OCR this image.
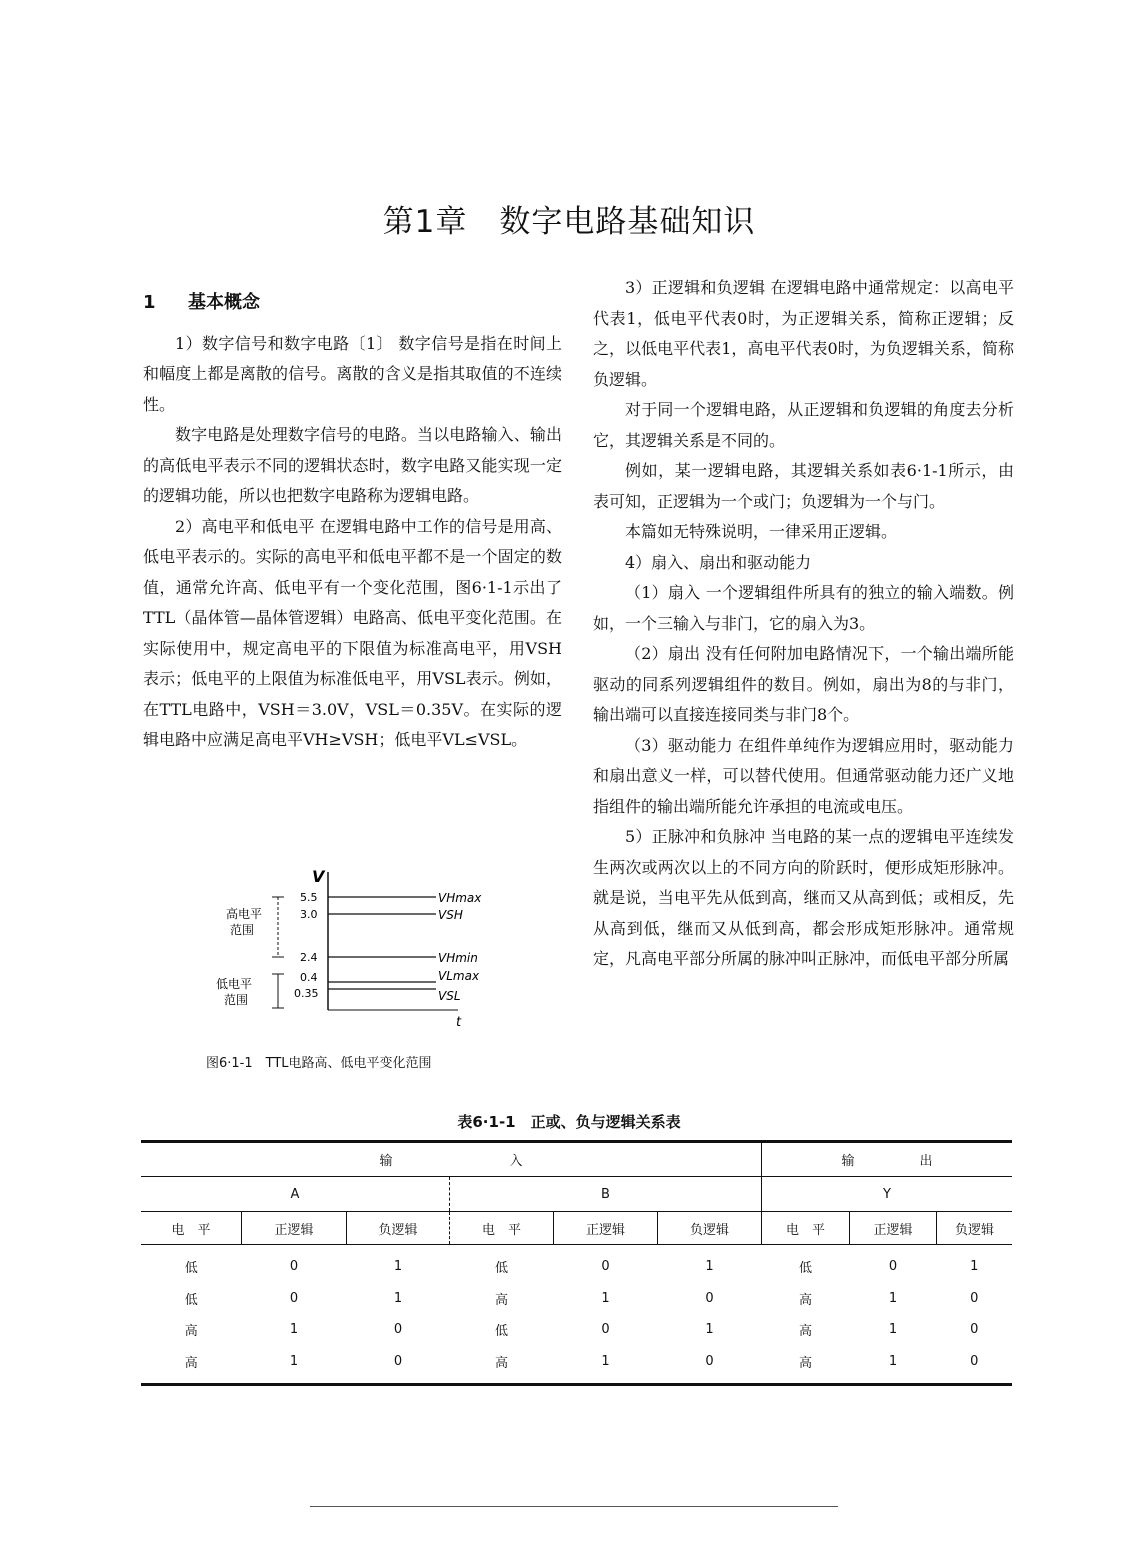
第1章　数字电路基础知识
1 基本概念

1）数字信号和数字电路〔1〕 数字信号是指在时间上和幅度上都是离散的信号。离散的含义是指其取值的不连续性。

数字电路是处理数字信号的电路。当以电路输入、输出的高低电平表示不同的逻辑状态时，数字电路又能实现一定的逻辑功能，所以也把数字电路称为逻辑电路。

2）高电平和低电平 在逻辑电路中工作的信号是用高、低电平表示的。实际的高电平和低电平都不是一个固定的数值，通常允许高、低电平有一个变化范围，图6·1-1示出了TTL（晶体管—晶体管逻辑）电路高、低电平变化范围。在实际使用中，规定高电平的下限值为标准高电平，用VSH表示；低电平的上限值为标准低电平，用VSL表示。例如，在TTL电路中，VSH＝3.0V，VSL＝0.35V。在实际的逻辑电路中应满足高电平VH≥VSH；低电平VL≤VSL。

3）正逻辑和负逻辑 在逻辑电路中通常规定：以高电平代表1，低电平代表0时，为正逻辑关系，简称正逻辑；反之，以低电平代表1，高电平代表0时，为负逻辑关系，简称负逻辑。

对于同一个逻辑电路，从正逻辑和负逻辑的角度去分析它，其逻辑关系是不同的。

例如，某一逻辑电路，其逻辑关系如表6·1-1所示，由表可知，正逻辑为一个或门；负逻辑为一个与门。

本篇如无特殊说明，一律采用正逻辑。

4）扇入、扇出和驱动能力

（1）扇入 一个逻辑组件所具有的独立的输入端数。例如，一个三输入与非门，它的扇入为3。

（2）扇出 没有任何附加电路情况下，一个输出端所能驱动的同系列逻辑组件的数目。例如，扇出为8的与非门，输出端可以直接连接同类与非门8个。

（3）驱动能力 在组件单纯作为逻辑应用时，驱动能力和扇出意义一样，可以替代使用。但通常驱动能力还广义地指组件的输出端所能允许承担的电流或电压。

5）正脉冲和负脉冲 当电路的某一点的逻辑电平连续发生两次或两次以上的不同方向的阶跃时，便形成矩形脉冲。就是说，当电平先从低到高，继而又从高到低；或相反，先从高到低，继而又从低到高，都会形成矩形脉冲。通常规定，凡高电平部分所属的脉冲叫正脉冲，而低电平部分所属

V
t
5.5
3.0
2.4
0.4
0.35
VHmax
VSH
VHmin
VLmax
VSL
高电平
范围
低电平
范围
图6·1-1　TTL电路高、低电平变化范围
表6·1-1　正或、负与逻辑关系表
输　　　　　　　　　入						输　　　　　出		
A			B			Y		
电　平	正逻辑	负逻辑	电　平	正逻辑	负逻辑	电　平	正逻辑	负逻辑
低	0	1	低	0	1	低	0	1
低	0	1	高	1	0	高	1	0
高	1	0	低	0	1	高	1	0
高	1	0	高	1	0	高	1	0
